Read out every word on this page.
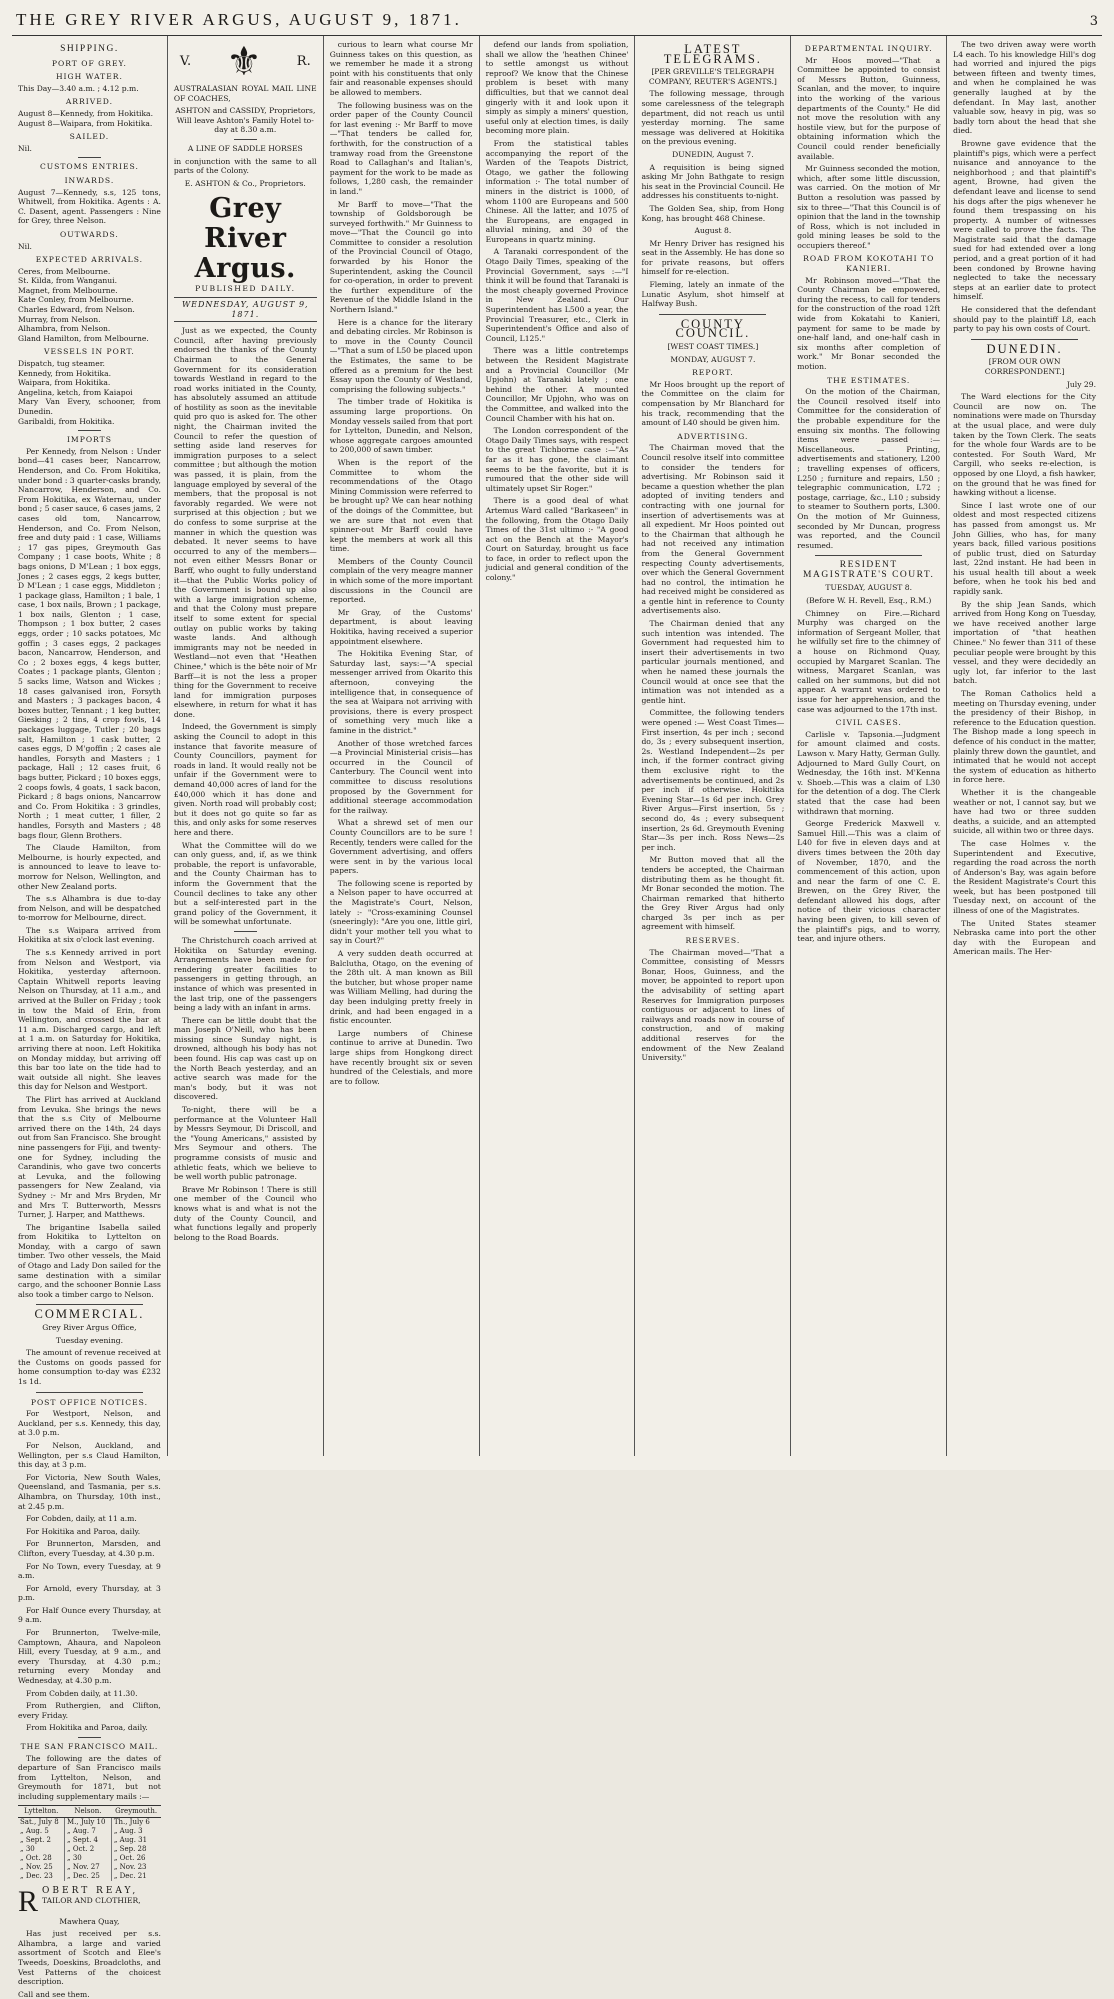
THE GREY RIVER ARGUS, AUGUST 9, 1871.	3
SHIPPING.
PORT OF GREY.
HIGH WATER.

This Day—3.40 a.m. ; 4.12 p.m.

ARRIVED.

August 8—Kennedy, from Hokitika.

August 8—Waipara, from Hokitika.

SAILED.

Nil.

CUSTOMS ENTRIES.
INWARDS.

August 7—Kennedy, s.s, 125 tons, Whitwell, from Hokitika. Agents : A. C. Dasent, agent. Passengers : Nine for Grey, three Nelson.

OUTWARDS.

Nil.

EXPECTED ARRIVALS.

Ceres, from Melbourne.

St. Kilda, from Wanganui.

Magnet, from Melbourne.

Kate Conley, from Melbourne.

Charles Edward, from Nelson.

Murray, from Nelson.

Alhambra, from Nelson.

Gland Hamilton, from Melbourne.

VESSELS IN PORT.

Dispatch, tug steamer.

Kennedy, from Hokitika.

Waipara, from Hokitika.

Angelina, ketch, from Kaiapoi

Mary Van Every, schooner, from Dunedin.

Garibaldi, from Hokitika.

IMPORTS

Per Kennedy, from Nelson : Under bond—41 cases beer, Nancarrow, Henderson, and Co. From Hokitika, under bond : 3 quarter-casks brandy, Nancarrow, Henderson, and Co. From Hokitika, ex Waternau, under bond ; 5 caser sauce, 6 cases jams, 2 cases old tom, Nancarrow, Henderson, and Co. From Nelson, free and duty paid : 1 case, Williams ; 17 gas pipes, Greymouth Gas Company ; 1 case boots, White ; 8 bags onions, D M'Lean ; 1 box eggs, Jones ; 2 cases eggs, 2 kegs butter, D M'Lean ; 1 case eggs, Middleton ; 1 package glass, Hamilton ; 1 bale, 1 case, 1 box nails, Brown ; 1 package, 1 box nails, Glenton ; 1 case, Thompson ; 1 box butter, 2 cases eggs, order ; 10 sacks potatoes, Mc goffin ; 3 cases eggs, 2 packages bacon, Nancarrow, Henderson, and Co ; 2 boxes eggs, 4 kegs butter, Coates ; 1 package plants, Glenton ; 5 sacks lime, Watson and Wickes ; 18 cases galvanised iron, Forsyth and Masters ; 3 packages bacon, 4 boxes butter, Tennant ; 1 keg butter, Giesking ; 2 tins, 4 crop fowls, 14 packages luggage, Tutler ; 20 bags salt, Hamilton ; 1 cask butter, 2 cases eggs, D M'goffin ; 2 cases ale handles, Forsyth and Masters ; 1 package, Hall ; 12 cases fruit, 6 bags butter, Pickard ; 10 boxes eggs, 2 coops fowls, 4 goats, 1 sack bacon, Pickard ; 8 bags onions, Nancarrow and Co. From Hokitika : 3 grindles, North ; 1 meat cutter, 1 filler, 2 handles, Forsyth and Masters ; 48 bags flour, Glenn Brothers.

The Claude Hamilton, from Melbourne, is hourly expected, and is announced to leave to leave to-morrow for Nelson, Wellington, and other New Zealand ports.

The s.s Alhambra is due to-day from Nelson, and will be despatched to-morrow for Melbourne, direct.

The s.s Waipara arrived from Hokitika at six o'clock last evening.

The s.s Kennedy arrived in port from Nelson and Westport, via Hokitika, yesterday afternoon. Captain Whitwell reports leaving Nelson on Thursday, at 11 a.m., and arrived at the Buller on Friday ; took in tow the Maid of Erin, from Wellington, and crossed the bar at 11 a.m. Discharged cargo, and left at 1 a.m. on Saturday for Hokitika, arriving there at noon. Left Hokitika on Monday midday, but arriving off this bar too late on the tide had to wait outside all night. She leaves this day for Nelson and Westport.

The Flirt has arrived at Auckland from Levuka. She brings the news that the s.s City of Melbourne arrived there on the 14th, 24 days out from San Francisco. She brought nine passengers for Fiji, and twenty-one for Sydney, including the Carandinis, who gave two concerts at Levuka, and the following passengers for New Zealand, via Sydney :- Mr and Mrs Bryden, Mr and Mrs T. Butterworth, Messrs Turner, J. Harper, and Matthews.

The brigantine Isabella sailed from Hokitika to Lyttelton on Monday, with a cargo of sawn timber. Two other vessels, the Maid of Otago and Lady Don sailed for the same destination with a similar cargo, and the schooner Bonnie Lass also took a timber cargo to Nelson.

COMMERCIAL.

Grey River Argus Office,

Tuesday evening.

The amount of revenue received at the Customs on goods passed for home consumption to-day was £232 1s 1d.

POST OFFICE NOTICES.

For Westport, Nelson, and Auckland, per s.s. Kennedy, this day, at 3.0 p.m.

For Nelson, Auckland, and Wellington, per s.s Claud Hamilton, this day, at 3 p.m.

For Victoria, New South Wales, Queensland, and Tasmania, per s.s. Alhambra, on Thursday, 10th inst., at 2.45 p.m.

For Cobden, daily, at 11 a.m.

For Hokitika and Paroa, daily.

For Brunnerton, Marsden, and Clifton, every Tuesday, at 4.30 p.m.

For No Town, every Tuesday, at 9 a.m.

For Arnold, every Thursday, at 3 p.m.

For Half Ounce every Thursday, at 9 a.m.

For Brunnerton, Twelve-mile, Camptown, Ahaura, and Napoleon Hill, every Tuesday, at 9 a.m., and every Thursday, at 4.30 p.m.; returning every Monday and Wednesday, at 4.30 p.m.

From Cobden daily, at 11.30.

From Ruthergien, and Clifton, every Friday.

From Hokitika and Paroa, daily.

THE SAN FRANCISCO MAIL.

The following are the dates of departure of San Francisco mails from Lyttelton, Nelson, and Greymouth for 1871, but not including supplementary mails :—

Lyttelton.	Nelson.	Greymouth.
Sat., July 8	M., July 10	Th., July 6
„ Aug. 5	„ Aug. 7	„ Aug. 3
„ Sept. 2	„ Sept. 4	„ Aug. 31
„ 30	„ Oct. 2	„ Sep. 28
„ Oct. 28	„ 30	„ Oct. 26
„ Nov. 25	„ Nov. 27	„ Nov. 23
„ Dec. 23	„ Dec. 25	„ Dec. 21
R OBERT REAY,
TAILOR AND CLOTHIER,

Mawhera Quay,

Has just received per s.s. Alhambra, a large and varied assortment of Scotch and Elee's Tweeds, Doeskins, Broadcloths, and Vest Patterns of the choicest description.

Call and see them.

V. ⚜	R.

AUSTRALASIAN ROYAL MAIL LINE OF COACHES,

ASHTON and CASSIDY, Proprietors, Will leave Ashton's Family Hotel to-day at 8.30 a.m.

A LINE OF SADDLE HORSES

in conjunction with the same to all parts of the Colony.

E. ASHTON & Co., Proprietors.

Grey River Argus.
PUBLISHED DAILY.
WEDNESDAY, AUGUST 9, 1871.

Just as we expected, the County Council, after having previously endorsed the thanks of the County Chairman to the General Government for its consideration towards Westland in regard to the road works initiated in the County, has absolutely assumed an attitude of hostility as soon as the inevitable quid pro quo is asked for. The other night, the Chairman invited the Council to refer the question of setting aside land reserves for immigration purposes to a select committee ; but although the motion was passed, it is plain, from the language employed by several of the members, that the proposal is not favorably regarded. We were not surprised at this objection ; but we do confess to some surprise at the manner in which the question was debated. It never seems to have occurred to any of the members—not even either Messrs Bonar or Barff, who ought to fully understand it—that the Public Works policy of the Government is bound up also with a large immigration scheme, and that the Colony must prepare itself to some extent for special outlay on public works by taking waste lands. And although immigrants may not be needed in Westland—not even that "Heathen Chinee," which is the bête noir of Mr Barff—it is not the less a proper thing for the Government to receive land for immigration purposes elsewhere, in return for what it has done.

Indeed, the Government is simply asking the Council to adopt in this instance that favorite measure of County Councillors, payment for roads in land. It would really not be unfair if the Government were to demand 40,000 acres of land for the £40,000 which it has done and given. North road will probably cost; but it does not go quite so far as this, and only asks for some reserves here and there.

What the Committee will do we can only guess, and, if, as we think probable, the report is unfavorable, and the County Chairman has to inform the Government that the Council declines to take any other but a self-interested part in the grand policy of the Government, it will be somewhat unfortunate.

The Christchurch coach arrived at Hokitika on Saturday evening. Arrangements have been made for rendering greater facilities to passengers in getting through, an instance of which was presented in the last trip, one of the passengers being a lady with an infant in arms.

There can be little doubt that the man Joseph O'Neill, who has been missing since Sunday night, is drowned, although his body has not been found. His cap was cast up on the North Beach yesterday, and an active search was made for the man's body, but it was not discovered.

To-night, there will be a performance at the Volunteer Hall by Messrs Seymour, Di Driscoll, and the "Young Americans," assisted by Mrs Seymour and others. The programme consists of music and athletic feats, which we believe to be well worth public patronage.

Brave Mr Robinson ! There is still one member of the Council who knows what is and what is not the duty of the County Council, and what functions legally and properly belong to the Road Boards.

curious to learn what course Mr Guinness takes on this question, as we remember he made it a strong point with his constituents that only fair and reasonable expenses should be allowed to members.

The following business was on the order paper of the County Council for last evening :- Mr Barff to move—"That tenders be called for, forthwith, for the construction of a tramway road from the Greenstone Road to Callaghan's and Italian's, payment for the work to be made as follows, 1,280 cash, the remainder in land."

Mr Barff to move—"That the township of Goldsborough be surveyed forthwith." Mr Guinness to move—"That the Council go into Committee to consider a resolution of the Provincial Council of Otago, forwarded by his Honor the Superintendent, asking the Council for co-operation, in order to prevent the further expenditure of the Revenue of the Middle Island in the Northern Island."

Here is a chance for the literary and debating circles. Mr Robinson is to move in the County Council—"That a sum of L50 be placed upon the Estimates, the same to be offered as a premium for the best Essay upon the County of Westland, comprising the following subjects."

The timber trade of Hokitika is assuming large proportions. On Monday vessels sailed from that port for Lyttelton, Dunedin, and Nelson, whose aggregate cargoes amounted to 200,000 of sawn timber.

When is the report of the Committee to whom the recommendations of the Otago Mining Commission were referred to be brought up? We can hear nothing of the doings of the Committee, but we are sure that not even that spinner-out Mr Barff could have kept the members at work all this time.

Members of the County Council complain of the very meagre manner in which some of the more important discussions in the Council are reported.

Mr Gray, of the Customs' department, is about leaving Hokitika, having received a superior appointment elsewhere.

The Hokitika Evening Star, of Saturday last, says:—"A special messenger arrived from Okarito this afternoon, conveying the intelligence that, in consequence of the sea at Waipara not arriving with provisions, there is every prospect of something very much like a famine in the district."

Another of those wretched farces—a Provincial Ministerial crisis—has occurred in the Council of Canterbury. The Council went into committee to discuss resolutions proposed by the Government for additional steerage accommodation for the railway.

What a shrewd set of men our County Councillors are to be sure ! Recently, tenders were called for the Government advertising, and offers were sent in by the various local papers.

The following scene is reported by a Nelson paper to have occurred at the Magistrate's Court, Nelson, lately :- "Cross-examining Counsel (sneeringly): "Are you one, little girl, didn't your mother tell you what to say in Court?"

A very sudden death occurred at Balclutha, Otago, on the evening of the 28th ult. A man known as Bill the butcher, but whose proper name was William Melling, had during the day been indulging pretty freely in drink, and had been engaged in a fistic encounter.

Large numbers of Chinese continue to arrive at Dunedin. Two large ships from Hongkong direct have recently brought six or seven hundred of the Celestials, and more are to follow.

defend our lands from spoliation, shall we allow the 'heathen Chinee' to settle amongst us without reproof? We know that the Chinese problem is beset with many difficulties, but that we cannot deal gingerly with it and look upon it simply as simply a miners' question, useful only at election times, is daily becoming more plain.

From the statistical tables accompanying the report of the Warden of the Teapots District, Otago, we gather the following information :- The total number of miners in the district is 1000, of whom 1100 are Europeans and 500 Chinese. All the latter, and 1075 of the Europeans, are engaged in alluvial mining, and 30 of the Europeans in quartz mining.

A Taranaki correspondent of the Otago Daily Times, speaking of the Provincial Government, says :—"I think it will be found that Taranaki is the most cheaply governed Province in New Zealand. Our Superintendent has L500 a year, the Provincial Treasurer, etc., Clerk in Superintendent's Office and also of Council, L125."

There was a little contretemps between the Resident Magistrate and a Provincial Councillor (Mr Upjohn) at Taranaki lately ; one behind the other. A mounted Councillor, Mr Upjohn, who was on the Committee, and walked into the Council Chamber with his hat on.

The London correspondent of the Otago Daily Times says, with respect to the great Tichborne case :—"As far as it has gone, the claimant seems to be the favorite, but it is rumoured that the other side will ultimately upset Sir Roger."

There is a good deal of what Artemus Ward called "Barkaseen" in the following, from the Otago Daily Times of the 31st ultimo :- "A good act on the Bench at the Mayor's Court on Saturday, brought us face to face, in order to reflect upon the judicial and general condition of the colony."

LATEST TELEGRAMS.

[PER GREVILLE'S TELEGRAPH COMPANY, REUTER'S AGENTS.]

The following message, through some carelessness of the telegraph department, did not reach us until yesterday morning. The same message was delivered at Hokitika on the previous evening.

DUNEDIN, August 7.

A requisition is being signed asking Mr John Bathgate to resign his seat in the Provincial Council. He addresses his constituents to-night.

The Golden Sea, ship, from Hong Kong, has brought 468 Chinese.

August 8.

Mr Henry Driver has resigned his seat in the Assembly. He has done so for private reasons, but offers himself for re-election.

Fleming, lately an inmate of the Lunatic Asylum, shot himself at Halfway Bush.

COUNTY COUNCIL.

[WEST COAST TIMES.]

MONDAY, AUGUST 7.

REPORT.

Mr Hoos brought up the report of the Committee on the claim for compensation by Mr Blanchard for his track, recommending that the amount of L40 should be given him.

ADVERTISING.

The Chairman moved that the Council resolve itself into committee to consider the tenders for advertising. Mr Robinson said it became a question whether the plan adopted of inviting tenders and contracting with one journal for insertion of advertisements was at all expedient. Mr Hoos pointed out to the Chairman that although he had not received any intimation from the General Government respecting County advertisements, over which the General Government had no control, the intimation he had received might be considered as a gentle hint in reference to County advertisements also.

The Chairman denied that any such intention was intended. The Government had requested him to insert their advertisements in two particular journals mentioned, and when he named these journals the Council would at once see that the intimation was not intended as a gentle hint.

Committee, the following tenders were opened :— West Coast Times—First insertion, 4s per inch ; second do, 3s ; every subsequent insertion, 2s. Westland Independent—2s per inch, if the former contract giving them exclusive right to the advertisements be continued, and 2s per inch if otherwise. Hokitika Evening Star—1s 6d per inch. Grey River Argus—First insertion, 5s ; second do, 4s ; every subsequent insertion, 2s 6d. Greymouth Evening Star—3s per inch. Ross News—2s per inch.

Mr Button moved that all the tenders be accepted, the Chairman distributing them as he thought fit. Mr Bonar seconded the motion. The Chairman remarked that hitherto the Grey River Argus had only charged 3s per inch as per agreement with himself.

RESERVES.

The Chairman moved—"That a Committee, consisting of Messrs Bonar, Hoos, Guinness, and the mover, be appointed to report upon the advisability of setting apart Reserves for Immigration purposes contiguous or adjacent to lines of railways and roads now in course of construction, and of making additional reserves for the endowment of the New Zealand University."

DEPARTMENTAL INQUIRY.

Mr Hoos moved—"That a Committee be appointed to consist of Messrs Button, Guinness, Scanlan, and the mover, to inquire into the working of the various departments of the County." He did not move the resolution with any hostile view, but for the purpose of obtaining information which the Council could render beneficially available.

Mr Guinness seconded the motion, which, after some little discussion, was carried. On the motion of Mr Button a resolution was passed by six to three—"That this Council is of opinion that the land in the township of Ross, which is not included in gold mining leases be sold to the occupiers thereof."

ROAD FROM KOKOTAHI TO KANIERI.

Mr Robinson moved—"That the County Chairman be empowered, during the recess, to call for tenders for the construction of the road 12ft wide from Kokatahi to Kanieri, payment for same to be made by one-half land, and one-half cash in six months after completion of work." Mr Bonar seconded the motion.

THE ESTIMATES.

On the motion of the Chairman, the Council resolved itself into Committee for the consideration of the probable expenditure for the ensuing six months. The following items were passed :— Miscellaneous. — Printing, advertisements and stationery, L200 ; travelling expenses of officers, L250 ; furniture and repairs, L50 ; telegraphic communication, L72 ; postage, carriage, &c., L10 ; subsidy to steamer to Southern ports, L300. On the motion of Mr Guinness, seconded by Mr Duncan, progress was reported, and the Council resumed.

RESIDENT MAGISTRATE'S COURT.

TUESDAY, AUGUST 8.

(Before W. H. Revell, Esq., R.M.)

Chimney on Fire.—Richard Murphy was charged on the information of Sergeant Moller, that he wilfully set fire to the chimney of a house on Richmond Quay, occupied by Margaret Scanlan. The witness, Margaret Scanlan, was called on her summons, but did not appear. A warrant was ordered to issue for her apprehension, and the case was adjourned to the 17th inst.

CIVIL CASES.

Carlisle v. Tapsonia.—Judgment for amount claimed and costs. Lawson v. Mary Hatty, German Gully. Adjourned to Mard Gully Court, on Wednesday, the 16th inst. M'Kenna v. Shoeb.—This was a claim of L30 for the detention of a dog. The Clerk stated that the case had been withdrawn that morning.

George Frederick Maxwell v. Samuel Hill.—This was a claim of L40 for five in eleven days and at divers times between the 20th day of November, 1870, and the commencement of this action, upon and near the farm of one C. E. Brewen, on the Grey River, the defendant allowed his dogs, after notice of their vicious character having been given, to kill seven of the plaintiff's pigs, and to worry, tear, and injure others.

The two driven away were worth L4 each. To his knowledge Hill's dog had worried and injured the pigs between fifteen and twenty times, and when he complained he was generally laughed at by the defendant. In May last, another valuable sow, heavy in pig, was so badly torn about the head that she died.

Browne gave evidence that the plaintiff's pigs, which were a perfect nuisance and annoyance to the neighborhood ; and that plaintiff's agent, Browne, had given the defendant leave and license to send his dogs after the pigs whenever he found them trespassing on his property. A number of witnesses were called to prove the facts. The Magistrate said that the damage sued for had extended over a long period, and a great portion of it had been condoned by Browne having neglected to take the necessary steps at an earlier date to protect himself.

He considered that the defendant should pay to the plaintiff L8, each party to pay his own costs of Court.

DUNEDIN.

[FROM OUR OWN CORRESPONDENT.]

July 29.

The Ward elections for the City Council are now on. The nominations were made on Thursday at the usual place, and were duly taken by the Town Clerk. The seats for the whole four Wards are to be contested. For South Ward, Mr Cargill, who seeks re-election, is opposed by one Lloyd, a fish hawker, on the ground that he was fined for hawking without a license.

Since I last wrote one of our oldest and most respected citizens has passed from amongst us. Mr John Gillies, who has, for many years back, filled various positions of public trust, died on Saturday last, 22nd instant. He had been in his usual health till about a week before, when he took his bed and rapidly sank.

By the ship Jean Sands, which arrived from Hong Kong on Tuesday, we have received another large importation of "that heathen Chinee." No fewer than 311 of these peculiar people were brought by this vessel, and they were decidedly an ugly lot, far inferior to the last batch.

The Roman Catholics held a meeting on Thursday evening, under the presidency of their Bishop, in reference to the Education question. The Bishop made a long speech in defence of his conduct in the matter, plainly threw down the gauntlet, and intimated that he would not accept the system of education as hitherto in force here.

Whether it is the changeable weather or not, I cannot say, but we have had two or three sudden deaths, a suicide, and an attempted suicide, all within two or three days.

The case Holmes v. the Superintendent and Executive, regarding the road across the north of Anderson's Bay, was again before the Resident Magistrate's Court this week, but has been postponed till Tuesday next, on account of the illness of one of the Magistrates.

The United States steamer Nebraska came into port the other day with the European and American mails. The Her-
